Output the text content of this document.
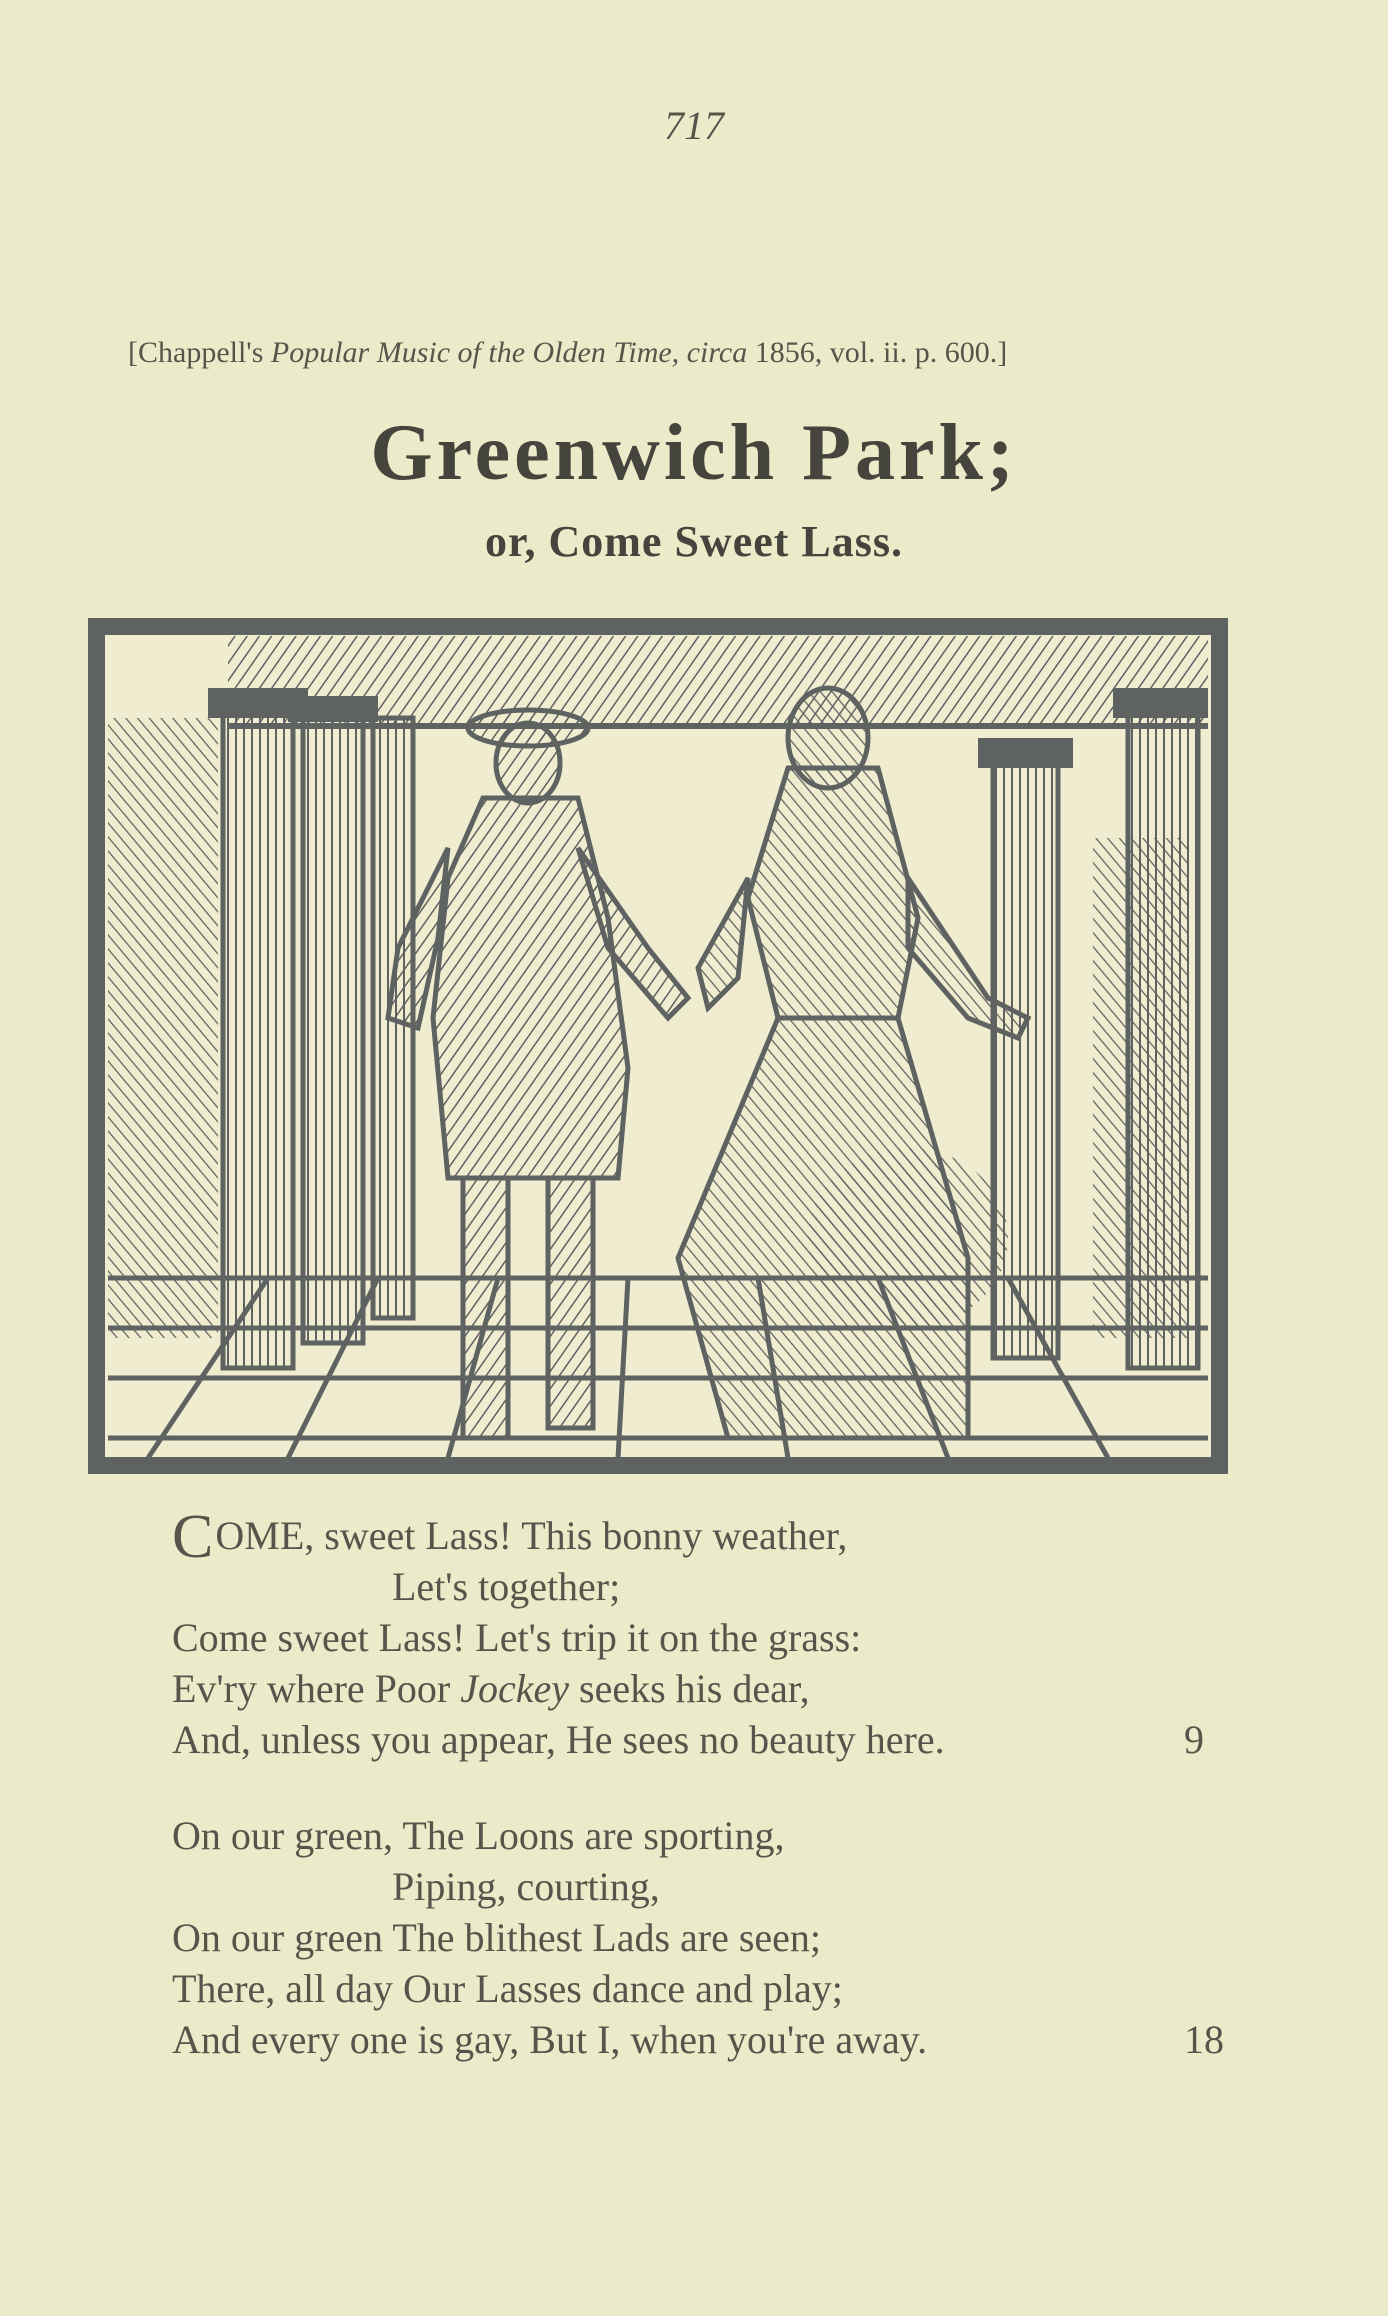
717
[Chappell's Popular Music of the Olden Time, circa 1856, vol. ii. p. 600.]
Greenwich Park;
or, Come Sweet Lass.
COME, sweet Lass! This bonny weather,
Let's together;
Come sweet Lass! Let's trip it on the grass:
Ev'ry where Poor Jockey seeks his dear,
And, unless you appear, He sees no beauty here.	9
On our green, The Loons are sporting,
Piping, courting,
On our green The blithest Lads are seen;
There, all day Our Lasses dance and play;
And every one is gay, But I, when you're away.	18
